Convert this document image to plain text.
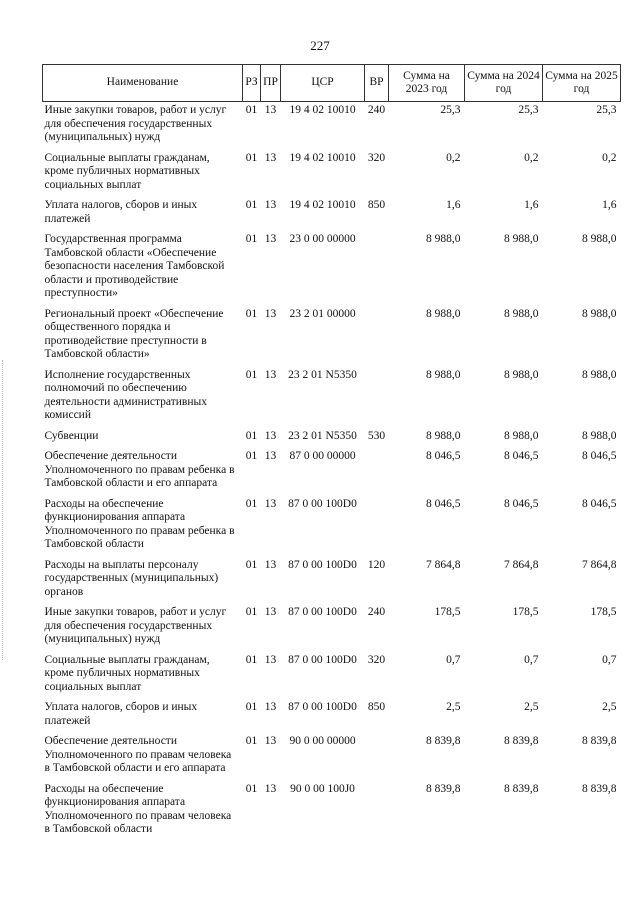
227
Наименование	РЗ	ПР	ЦСР	ВР	Сумма на 2023 год	Сумма на 2024 год	Сумма на 2025 год
Иные закупки товаров, работ и услуг для обеспечения государственных (муниципальных) нужд	01	13	19 4 02 10010	240	25,3	25,3	25,3
Социальные выплаты гражданам, кроме публичных нормативных социальных выплат	01	13	19 4 02 10010	320	0,2	0,2	0,2
Уплата налогов, сборов и иных платежей	01	13	19 4 02 10010	850	1,6	1,6	1,6
Государственная программа Тамбовской области «Обеспечение безопасности населения Тамбовской области и противодействие преступности»	01	13	23 0 00 00000		8 988,0	8 988,0	8 988,0
Региональный проект «Обеспечение общественного порядка и противодействие преступности в Тамбовской области»	01	13	23 2 01 00000		8 988,0	8 988,0	8 988,0
Исполнение государственных полномочий по обеспечению деятельности административных комиссий	01	13	23 2 01 N5350		8 988,0	8 988,0	8 988,0
Субвенции	01	13	23 2 01 N5350	530	8 988,0	8 988,0	8 988,0
Обеспечение деятельности Уполномоченного по правам ребенка в Тамбовской области и его аппарата	01	13	87 0 00 00000		8 046,5	8 046,5	8 046,5
Расходы на обеспечение функционирования аппарата Уполномоченного по правам ребенка в Тамбовской области	01	13	87 0 00 100D0		8 046,5	8 046,5	8 046,5
Расходы на выплаты персоналу государственных (муниципальных) органов	01	13	87 0 00 100D0	120	7 864,8	7 864,8	7 864,8
Иные закупки товаров, работ и услуг для обеспечения государственных (муниципальных) нужд	01	13	87 0 00 100D0	240	178,5	178,5	178,5
Социальные выплаты гражданам, кроме публичных нормативных социальных выплат	01	13	87 0 00 100D0	320	0,7	0,7	0,7
Уплата налогов, сборов и иных платежей	01	13	87 0 00 100D0	850	2,5	2,5	2,5
Обеспечение деятельности Уполномоченного по правам человека в Тамбовской области и его аппарата	01	13	90 0 00 00000		8 839,8	8 839,8	8 839,8
Расходы на обеспечение функционирования аппарата Уполномоченного по правам человека в Тамбовской области	01	13	90 0 00 100J0		8 839,8	8 839,8	8 839,8
